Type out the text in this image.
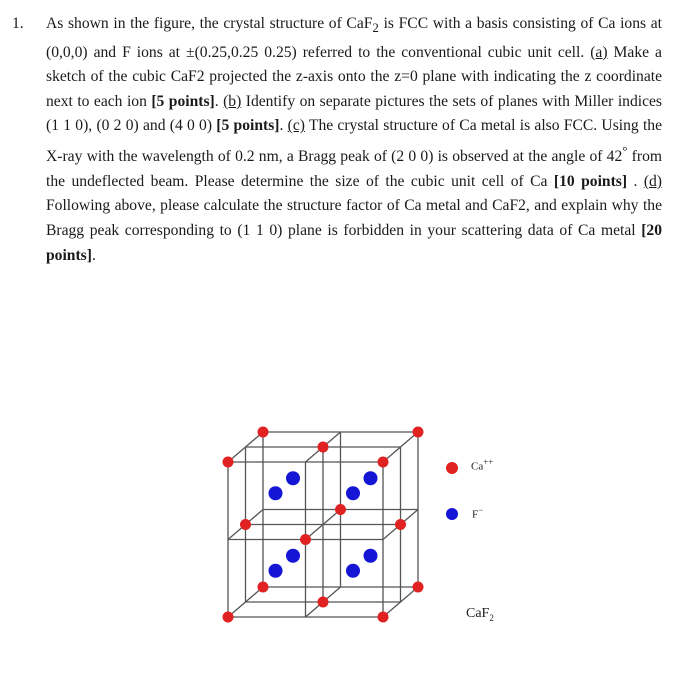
1. As shown in the figure, the crystal structure of CaF$_2$ is FCC with a basis consisting of Ca ions at (0,0,0) and F ions at ±(0.25,0.25 0.25) referred to the conventional cubic unit cell. (a) Make a sketch of the cubic CaF2 projected the z-axis onto the z=0 plane with indicating the z coordinate next to each ion [5 points]. (b) Identify on separate pictures the sets of planes with Miller indices (1 1 0), (0 2 0) and (4 0 0) [5 points]. (c) The crystal structure of Ca metal is also FCC. Using the X-ray with the wavelength of 0.2 nm, a Bragg peak of (2 0 0) is observed at the angle of 42° from the undeflected beam. Please determine the size of the cubic unit cell of Ca [10 points] . (d) Following above, please calculate the structure factor of Ca metal and CaF2, and explain why the Bragg peak corresponding to (1 1 0) plane is forbidden in your scattering data of Ca metal [20 points].
Ca++
F−
CaF$_2$
